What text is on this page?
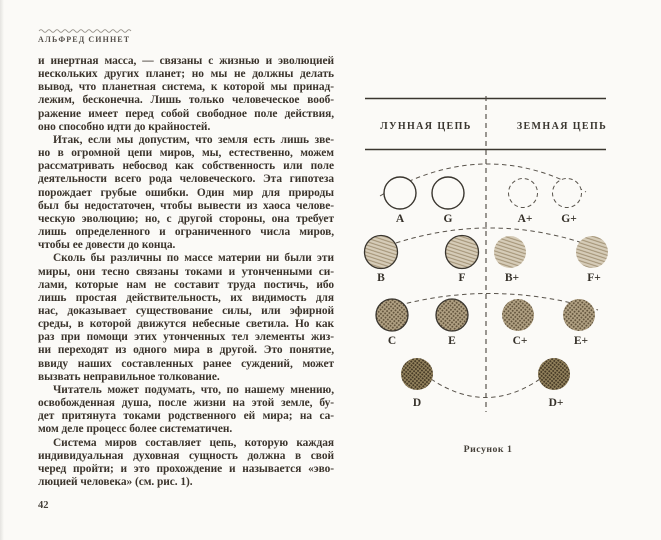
АЛЬФРЕД СИННЕТ
и инертная масса, — связаны с жизнью и эволюцией
нескольких других планет; но мы не должны делать
вывод, что планетная система, к которой мы принад-
лежим, бесконечна. Лишь только человеческое вооб-
ражение имеет перед собой свободное поле действия,
оно способно идти до крайностей.
Итак, если мы допустим, что земля есть лишь зве-
но в огромной цепи миров, мы, естественно, можем
рассматривать небосвод как собственность или поле
деятельности всего рода человеческого. Эта гипотеза
порождает грубые ошибки. Один мир для природы
был бы недостаточен, чтобы вывести из хаоса челове-
ческую эволюцию; но, с другой стороны, она требует
лишь определенного и ограниченного числа миров,
чтобы ее довести до конца.
Сколь бы различны по массе материи ни были эти
миры, они тесно связаны токами и утонченными си-
лами, которые нам не составит труда постичь, ибо
лишь простая действительность, их видимость для
нас, доказывает существование силы, или эфирной
среды, в которой движутся небесные светила. Но как
раз при помощи этих утонченных тел элементы жиз-
ни переходят из одного мира в другой. Это понятие,
ввиду наших составленных ранее суждений, может
вызвать неправильное толкование.
Читатель может подумать, что, по нашему мнению,
освобожденная душа, после жизни на этой земле, бу-
дет притянута токами родственного ей мира; на са-
мом деле процесс более систематичен.
Система миров составляет цепь, которую каждая
индивидуальная духовная сущность должна в свой
черед пройти; и это прохождение и называется «эво-
люцией человека» (см. рис. 1).
42
ЛУННАЯ ЦЕПЬ	ЗЕМНАЯ ЦЕПЬ
A	G	A+	G+
B	F	B+	F+
C	E	C+	E+
D	D+
Рисунок 1
